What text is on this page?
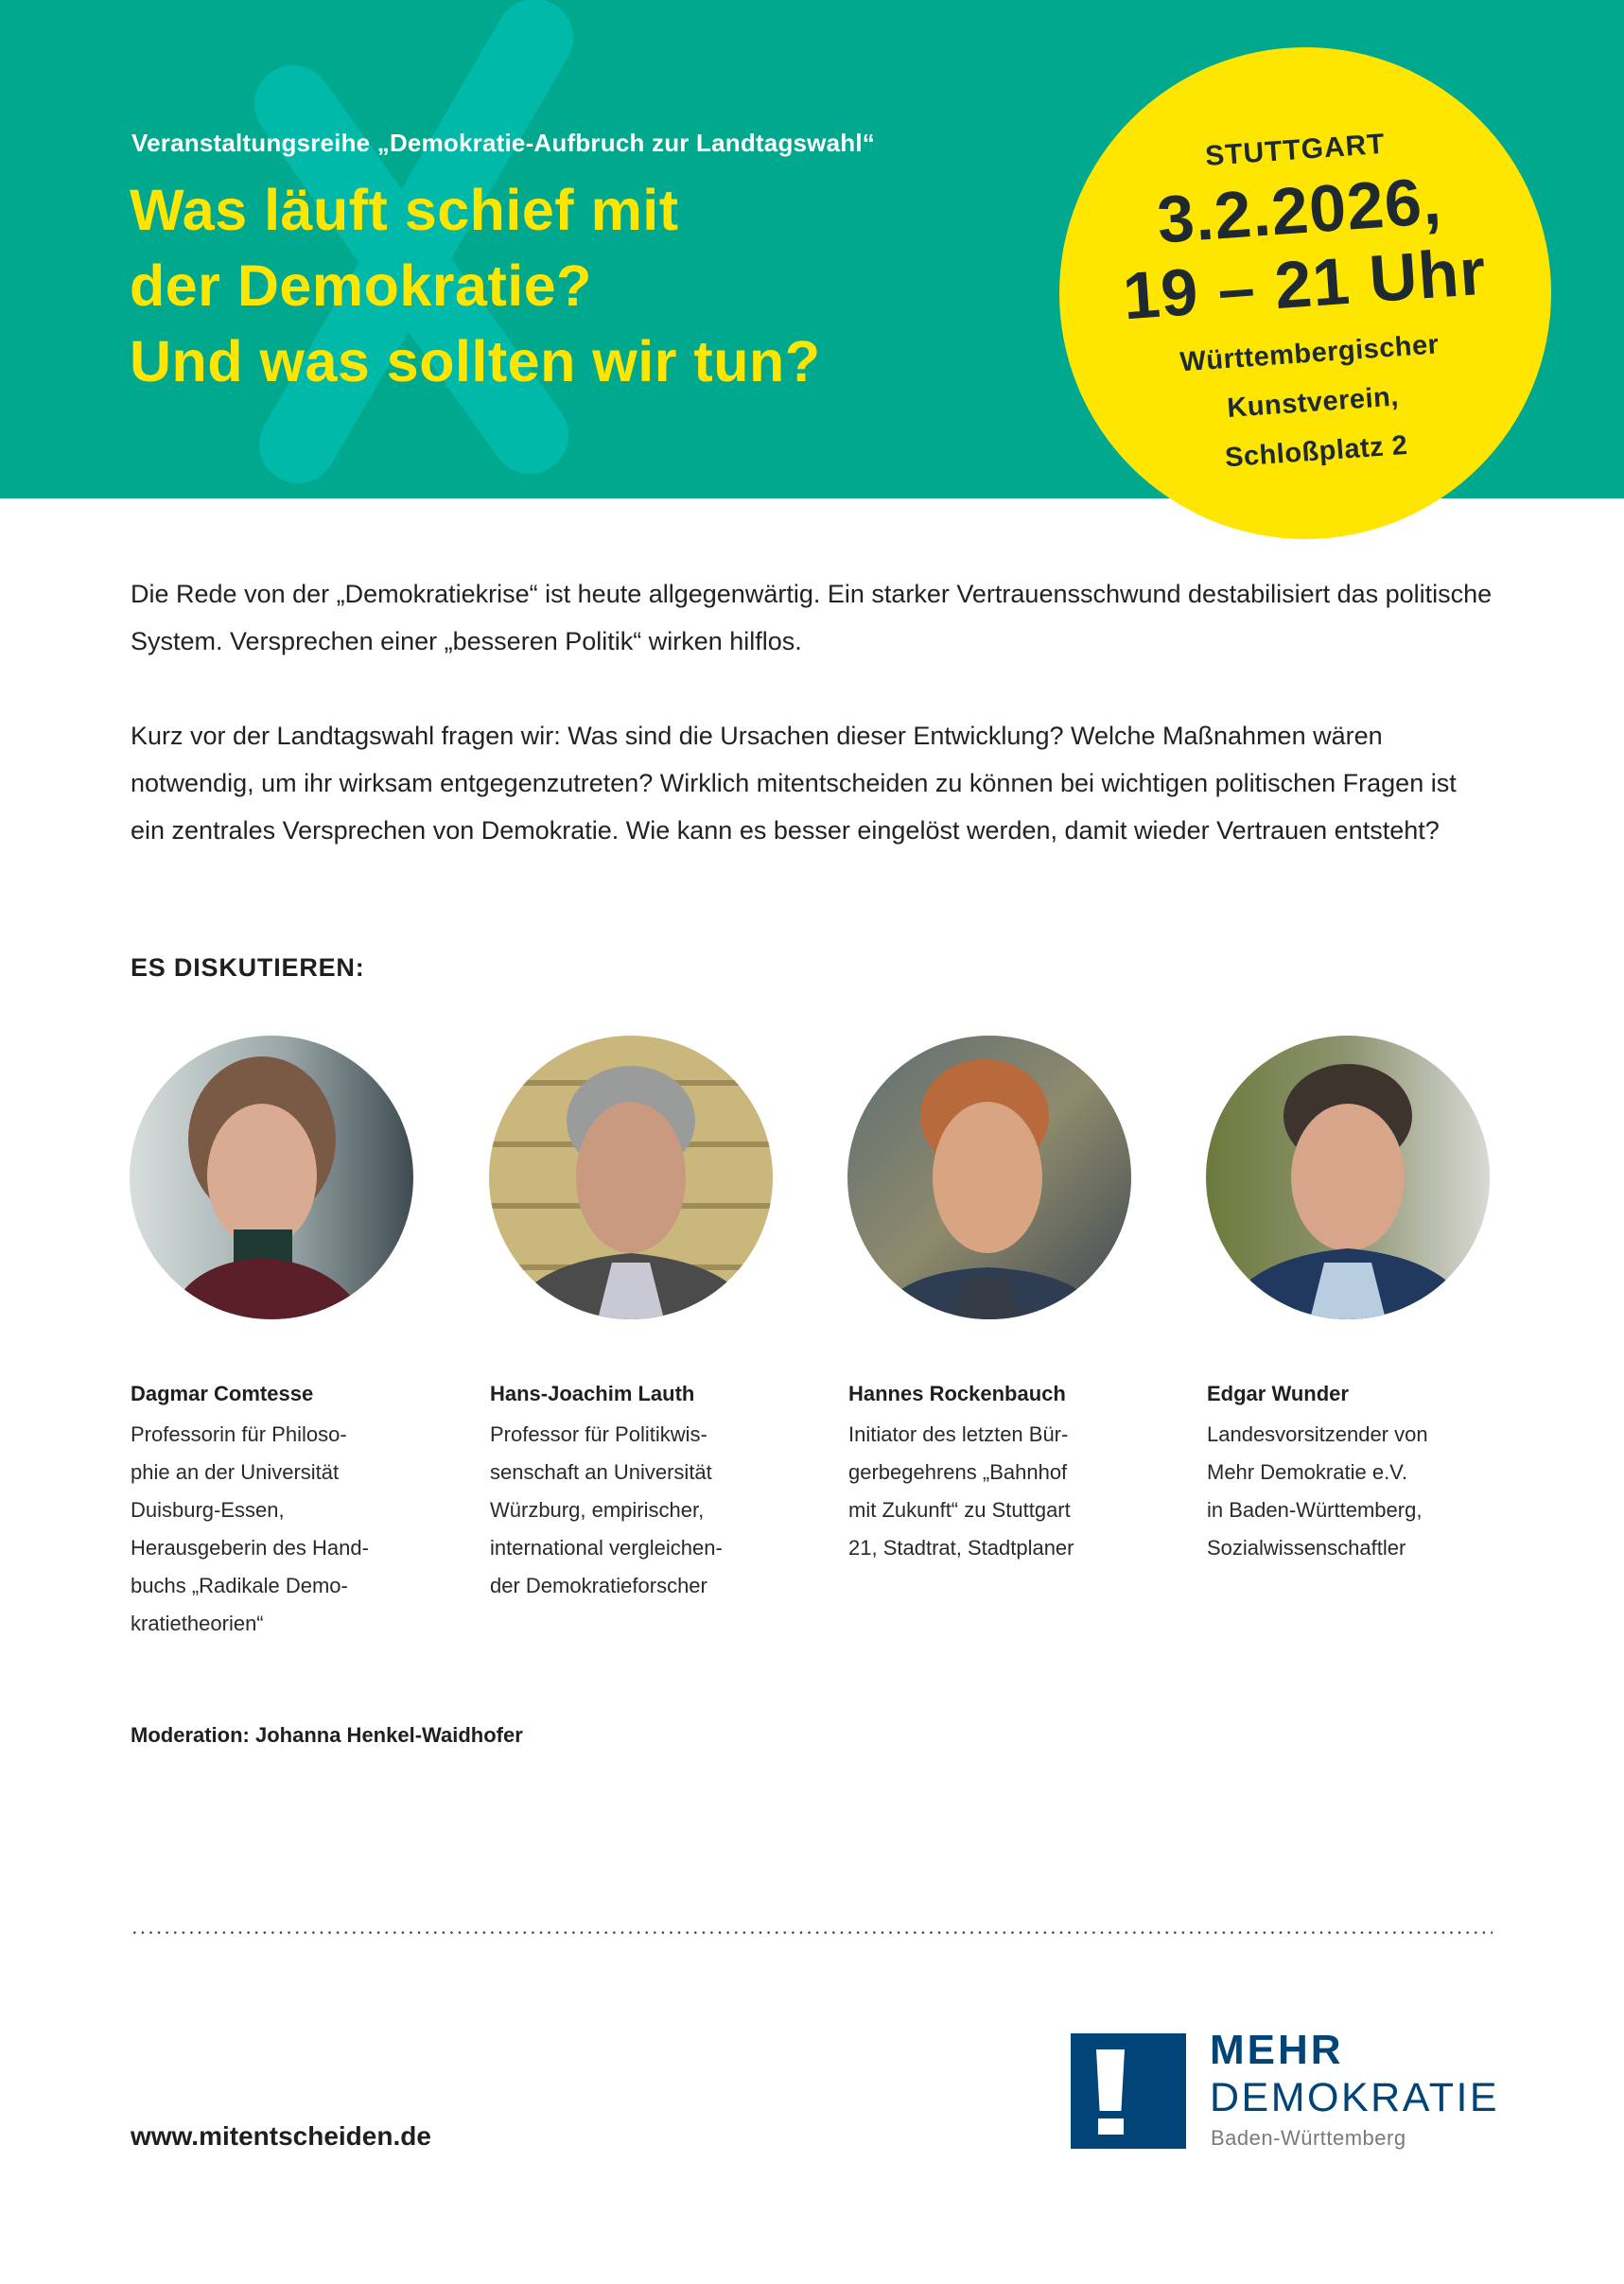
Veranstaltungsreihe „Demokratie-Aufbruch zur Landtagswahl“
Was läuft schief mit
der Demokratie?
Und was sollten wir tun?
STUTTGART
3.2.2026,
19 – 21 Uhr
Württembergischer
Kunstverein,
Schloßplatz 2

Die Rede von der „Demokratiekrise“ ist heute allgegenwärtig. Ein starker Vertrauensschwund destabilisiert das politische System. Versprechen einer „besseren Politik“ wirken hilflos.

Kurz vor der Landtagswahl fragen wir: Was sind die Ursachen dieser Entwicklung? Welche Maßnahmen wären notwendig, um ihr wirksam entgegenzutreten? Wirklich mitentscheiden zu können bei wichtigen politischen Fragen ist ein zentrales Versprechen von Demokratie. Wie kann es besser eingelöst werden, damit wieder Vertrauen entsteht?

ES DISKUTIEREN:
Dagmar Comtesse
Professorin für Philoso-
phie an der Universität
Duisburg-Essen,
Herausgeberin des Hand-
buchs „Radikale Demo-
kratietheorien“
Hans-Joachim Lauth
Professor für Politikwis-
senschaft an Universität
Würzburg, empirischer,
international vergleichen-
der Demokratieforscher
Hannes Rockenbauch
Initiator des letzten Bür-
gerbegehrens „Bahnhof
mit Zukunft“ zu Stuttgart
21, Stadtrat, Stadtplaner
Edgar Wunder
Landesvorsitzender von
Mehr Demokratie e.V.
in Baden-Württemberg,
Sozialwissenschaftler
Moderation: Johanna Henkel-Waidhofer
www.mitentscheiden.de
MEHR
DEMOKRATIE
Baden-Württemberg
